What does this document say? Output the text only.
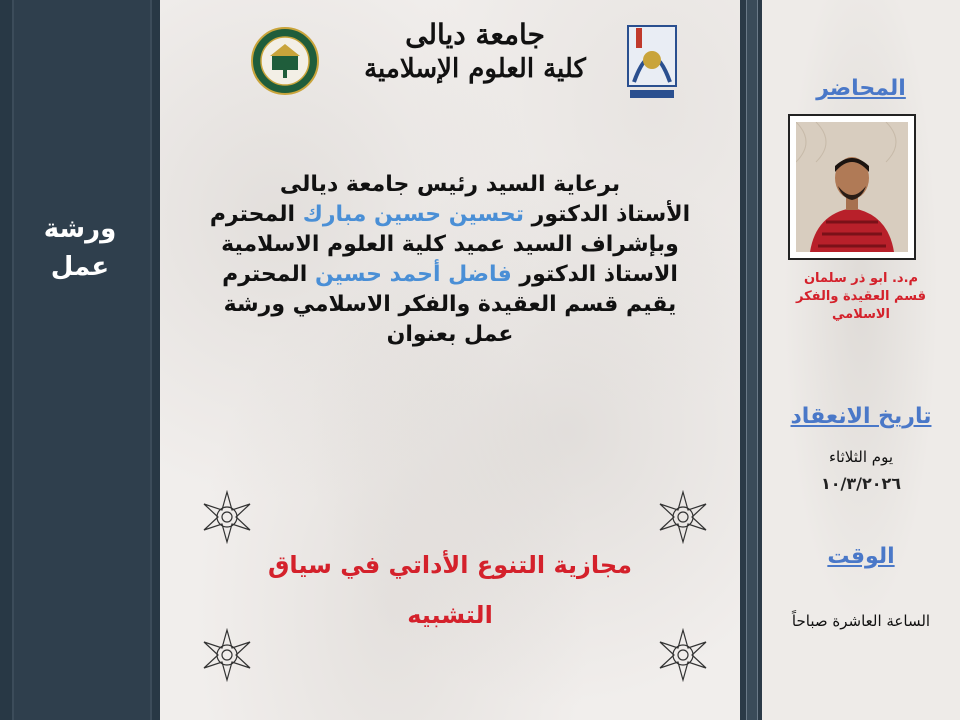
ورشة
عمل
جامعة ديالى
كلية العلوم الإسلامية
برعاية السيد رئيس جامعة ديالى
الأستاذ الدكتور تحسين حسين مبارك المحترم
وبإشراف السيد عميد كلية العلوم الاسلامية
الاستاذ الدكتور فاضل أحمد حسين المحترم
يقيم قسم العقيدة والفكر الاسلامي ورشة
عمل بعنوان
مجازية التنوع الأداتي في سياق
التشبيه
المحاضر
م.د. ابو ذر سلمان
قسم العقيدة والفكر
الاسلامي
تاريخ الانعقاد
يوم الثلاثاء
١٠/٣/٢٠٢٦
الوقت
الساعة العاشرة صباحاً
